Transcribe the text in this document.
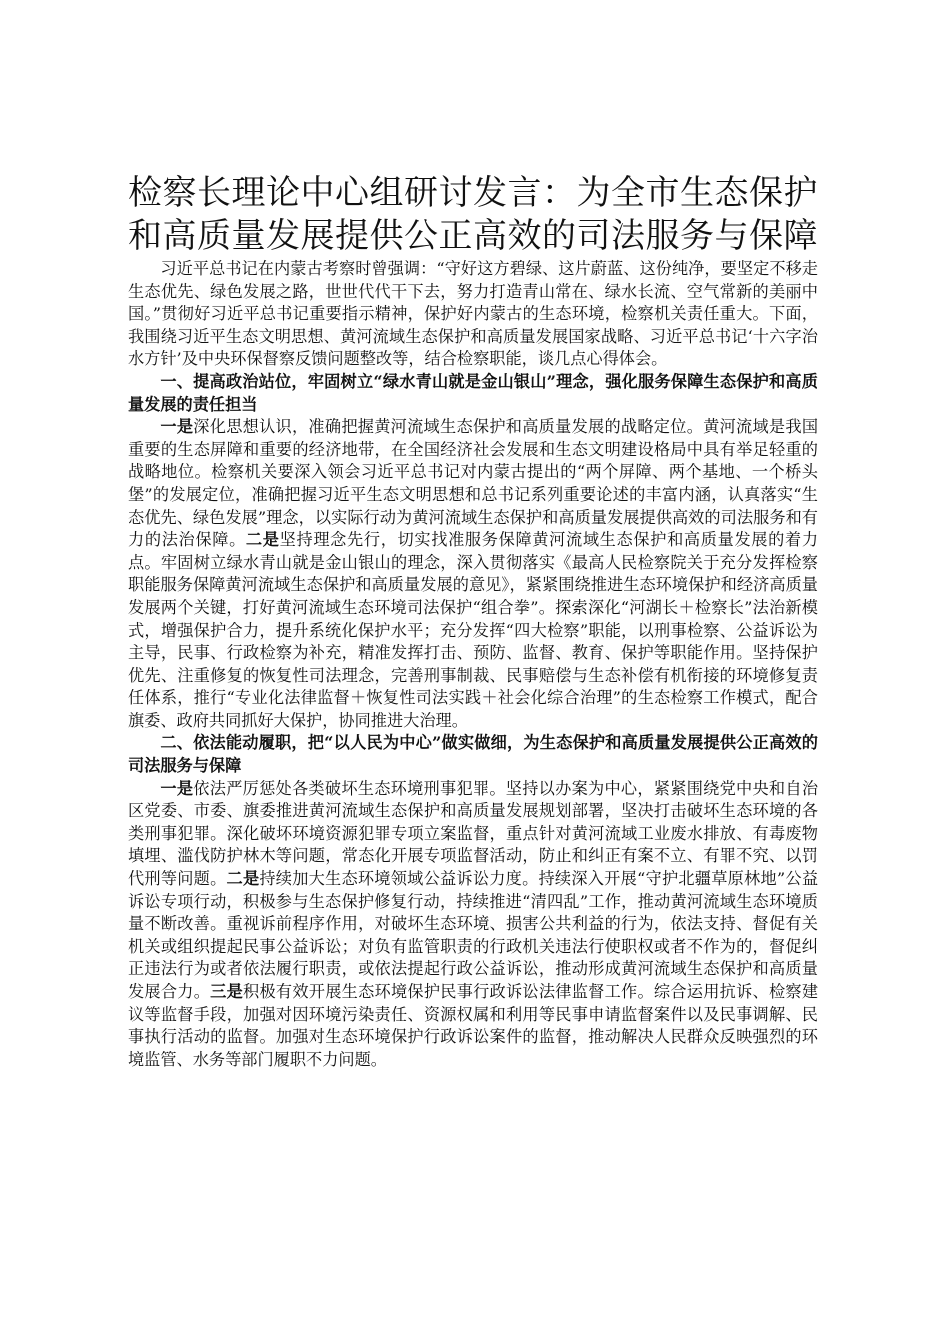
检察长理论中心组研讨发言：为全市生态保护
和高质量发展提供公正高效的司法服务与保障

习近平总书记在内蒙古考察时曾强调：“守好这方碧绿、这片蔚蓝、这份纯净，要坚定不移走生态优先、绿色发展之路，世世代代干下去，努力打造青山常在、绿水长流、空气常新的美丽中国。”贯彻好习近平总书记重要指示精神，保护好内蒙古的生态环境，检察机关责任重大。下面，我围绕习近平生态文明思想、黄河流域生态保护和高质量发展国家战略、习近平总书记‘十六字治水方针’及中央环保督察反馈问题整改等，结合检察职能，谈几点心得体会。

一、提高政治站位，牢固树立“绿水青山就是金山银山”理念，强化服务保障生态保护和高质量发展的责任担当

一是深化思想认识，准确把握黄河流域生态保护和高质量发展的战略定位。黄河流域是我国重要的生态屏障和重要的经济地带，在全国经济社会发展和生态文明建设格局中具有举足轻重的战略地位。检察机关要深入领会习近平总书记对内蒙古提出的“两个屏障、两个基地、一个桥头堡”的发展定位，准确把握习近平生态文明思想和总书记系列重要论述的丰富内涵，认真落实“生态优先、绿色发展”理念，以实际行动为黄河流域生态保护和高质量发展提供高效的司法服务和有力的法治保障。二是坚持理念先行，切实找准服务保障黄河流域生态保护和高质量发展的着力点。牢固树立绿水青山就是金山银山的理念，深入贯彻落实《最高人民检察院关于充分发挥检察职能服务保障黄河流域生态保护和高质量发展的意见》，紧紧围绕推进生态环境保护和经济高质量发展两个关键，打好黄河流域生态环境司法保护“组合拳”。探索深化“河湖长＋检察长”法治新模式，增强保护合力，提升系统化保护水平；充分发挥“四大检察”职能，以刑事检察、公益诉讼为主导，民事、行政检察为补充，精准发挥打击、预防、监督、教育、保护等职能作用。坚持保护优先、注重修复的恢复性司法理念，完善刑事制裁、民事赔偿与生态补偿有机衔接的环境修复责任体系，推行“专业化法律监督＋恢复性司法实践＋社会化综合治理”的生态检察工作模式，配合旗委、政府共同抓好大保护，协同推进大治理。

二、依法能动履职，把“以人民为中心”做实做细，为生态保护和高质量发展提供公正高效的司法服务与保障

一是依法严厉惩处各类破坏生态环境刑事犯罪。坚持以办案为中心，紧紧围绕党中央和自治区党委、市委、旗委推进黄河流域生态保护和高质量发展规划部署，坚决打击破坏生态环境的各类刑事犯罪。深化破坏环境资源犯罪专项立案监督，重点针对黄河流域工业废水排放、有毒废物填埋、滥伐防护林木等问题，常态化开展专项监督活动，防止和纠正有案不立、有罪不究、以罚代刑等问题。二是持续加大生态环境领域公益诉讼力度。持续深入开展“守护北疆草原林地”公益诉讼专项行动，积极参与生态保护修复行动，持续推进“清四乱”工作，推动黄河流域生态环境质量不断改善。重视诉前程序作用，对破坏生态环境、损害公共利益的行为，依法支持、督促有关机关或组织提起民事公益诉讼；对负有监管职责的行政机关违法行使职权或者不作为的，督促纠正违法行为或者依法履行职责，或依法提起行政公益诉讼，推动形成黄河流域生态保护和高质量发展合力。三是积极有效开展生态环境保护民事行政诉讼法律监督工作。综合运用抗诉、检察建议等监督手段，加强对因环境污染责任、资源权属和利用等民事申请监督案件以及民事调解、民事执行活动的监督。加强对生态环境保护行政诉讼案件的监督，推动解决人民群众反映强烈的环境监管、水务等部门履职不力问题。
